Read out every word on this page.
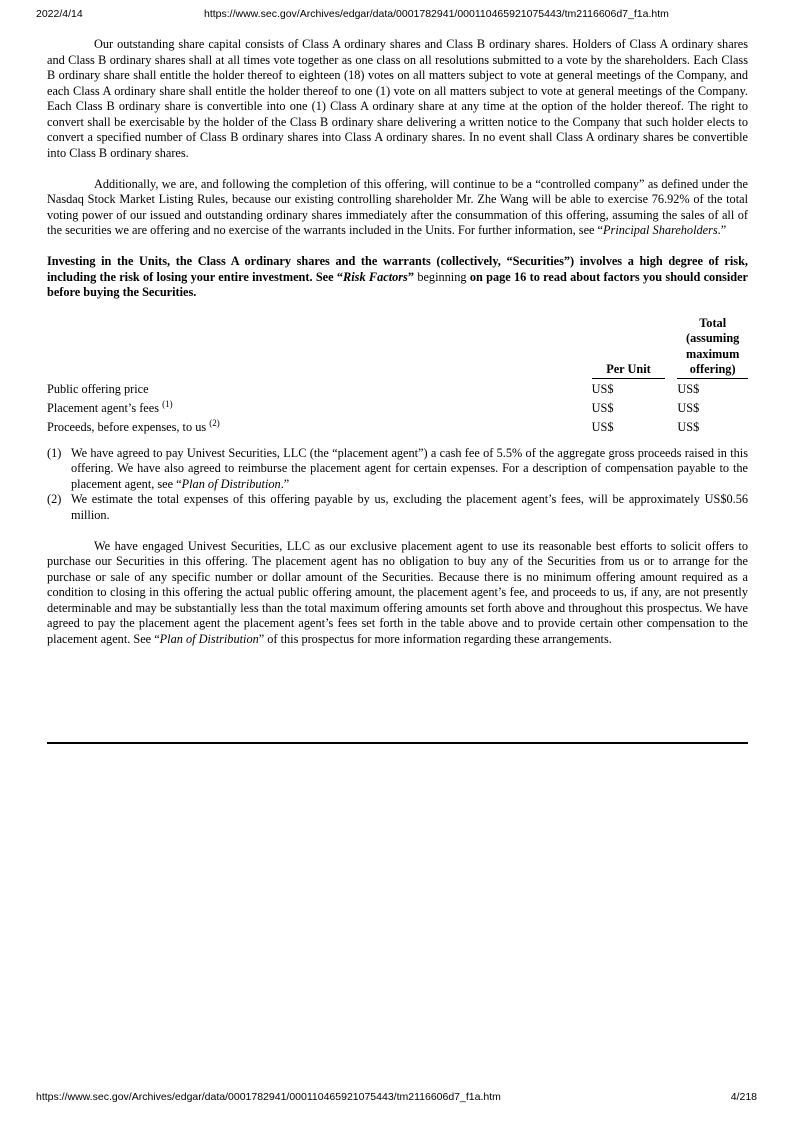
2022/4/14	https://www.sec.gov/Archives/edgar/data/0001782941/000110465921075443/tm2116606d7_f1a.htm

Our outstanding share capital consists of Class A ordinary shares and Class B ordinary shares. Holders of Class A ordinary shares and Class B ordinary shares shall at all times vote together as one class on all resolutions submitted to a vote by the shareholders. Each Class B ordinary share shall entitle the holder thereof to eighteen (18) votes on all matters subject to vote at general meetings of the Company, and each Class A ordinary share shall entitle the holder thereof to one (1) vote on all matters subject to vote at general meetings of the Company. Each Class B ordinary share is convertible into one (1) Class A ordinary share at any time at the option of the holder thereof. The right to convert shall be exercisable by the holder of the Class B ordinary share delivering a written notice to the Company that such holder elects to convert a specified number of Class B ordinary shares into Class A ordinary shares. In no event shall Class A ordinary shares be convertible into Class B ordinary shares.

Additionally, we are, and following the completion of this offering, will continue to be a “controlled company” as defined under the Nasdaq Stock Market Listing Rules, because our existing controlling shareholder Mr. Zhe Wang will be able to exercise 76.92% of the total voting power of our issued and outstanding ordinary shares immediately after the consummation of this offering, assuming the sales of all of the securities we are offering and no exercise of the warrants included in the Units. For further information, see “Principal Shareholders.”

Investing in the Units, the Class A ordinary shares and the warrants (collectively, “Securities”) involves a high degree of risk, including the risk of losing your entire investment. See “Risk Factors” beginning on page 16 to read about factors you should consider before buying the Securities.

	Per Unit		Total (assuming maximum offering)

Public offering price	US$		US$
Placement agent’s fees $^{(1)}$	US$		US$
Proceeds, before expenses, to us $^{(2)}$	US$		US$
(1) We have agreed to pay Univest Securities, LLC (the “placement agent”) a cash fee of 5.5% of the aggregate gross proceeds raised in this offering. We have also agreed to reimburse the placement agent for certain expenses. For a description of compensation payable to the placement agent, see “Plan of Distribution.”
(2) We estimate the total expenses of this offering payable by us, excluding the placement agent’s fees, will be approximately US$0.56 million.

We have engaged Univest Securities, LLC as our exclusive placement agent to use its reasonable best efforts to solicit offers to purchase our Securities in this offering. The placement agent has no obligation to buy any of the Securities from us or to arrange for the purchase or sale of any specific number or dollar amount of the Securities. Because there is no minimum offering amount required as a condition to closing in this offering the actual public offering amount, the placement agent’s fee, and proceeds to us, if any, are not presently determinable and may be substantially less than the total maximum offering amounts set forth above and throughout this prospectus. We have agreed to pay the placement agent the placement agent’s fees set forth in the table above and to provide certain other compensation to the placement agent. See “Plan of Distribution” of this prospectus for more information regarding these arrangements.

https://www.sec.gov/Archives/edgar/data/0001782941/000110465921075443/tm2116606d7_f1a.htm	4/218
